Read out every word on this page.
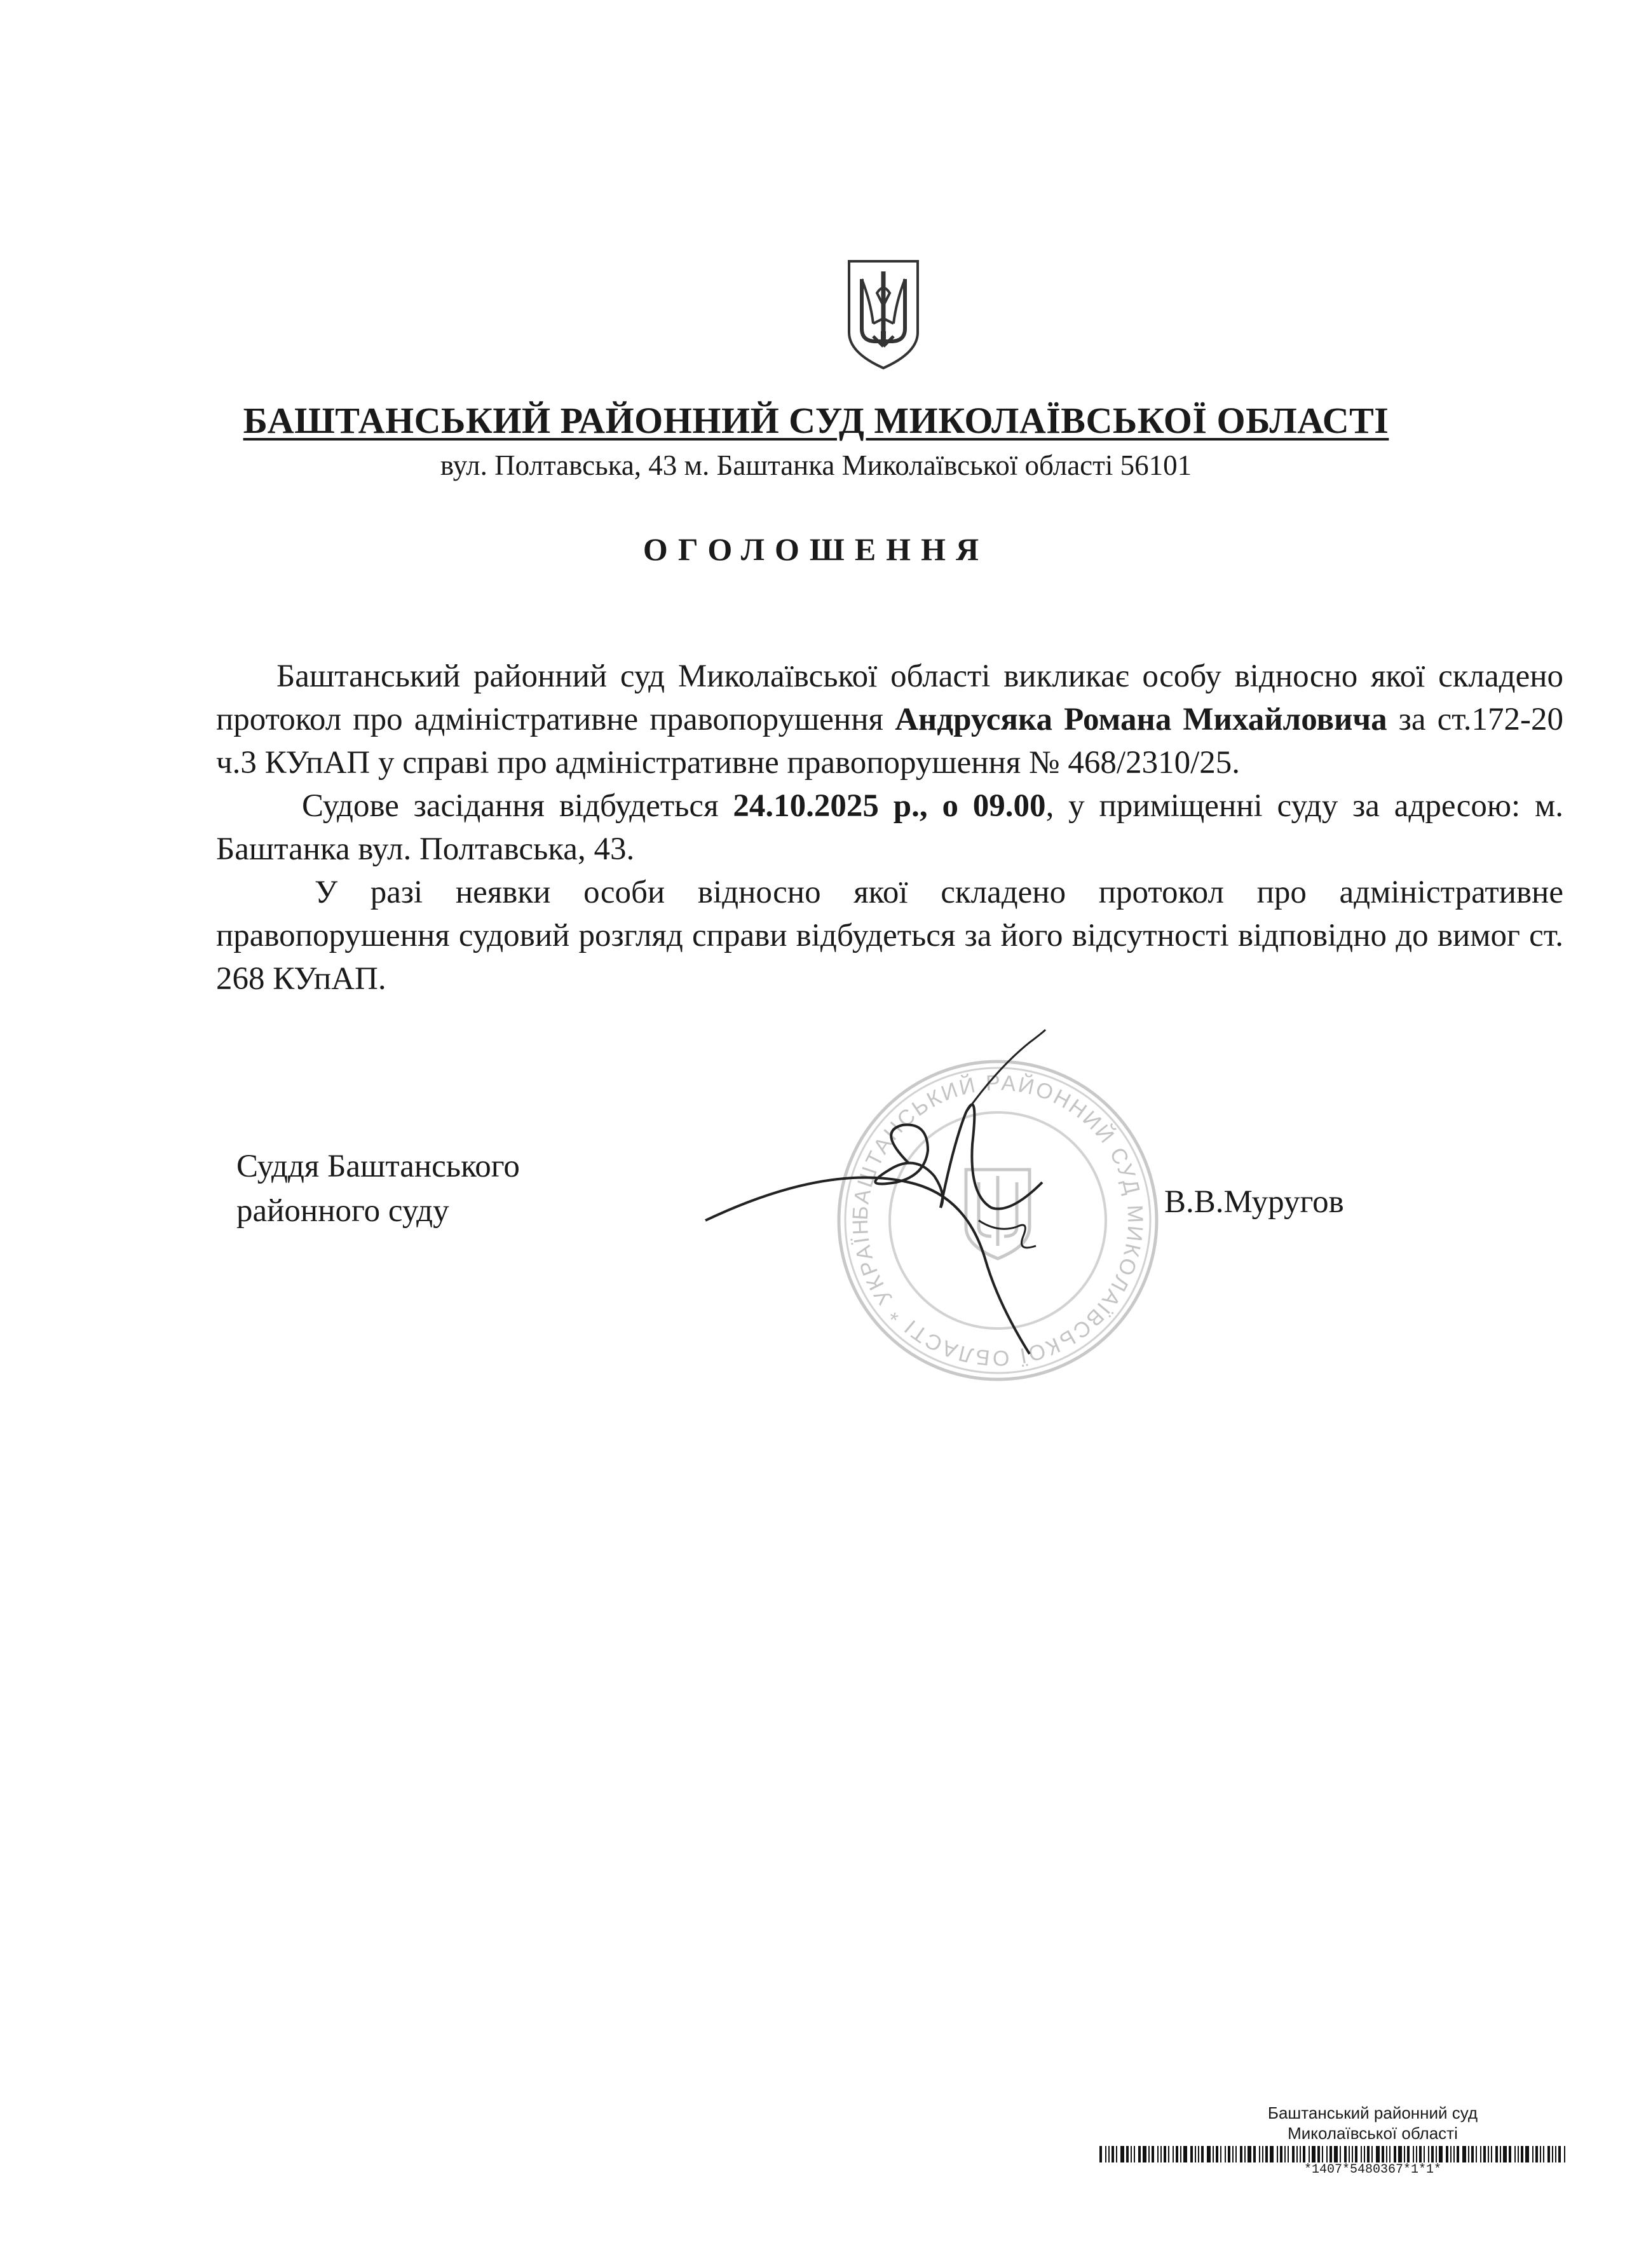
БАШТАНСЬКИЙ РАЙОННИЙ СУД МИКОЛАЇВСЬКОЇ ОБЛАСТІ
вул. Полтавська, 43 м. Баштанка Миколаївської області 56101
ОГОЛОШЕННЯ

Баштанський районний суд Миколаївської області викликає особу відносно якої складено протокол про адміністративне правопорушення Андрусяка Романа Михайловича за ст.172-20 ч.3 КУпАП у справі про адміністративне правопорушення № 468/2310/25.

Судове засідання відбудеться 24.10.2025 р., о 09.00, у приміщенні суду за адресою: м. Баштанка вул. Полтавська, 43.

У разі неявки особи відносно якої складено протокол про адміністративне правопорушення судовий розгляд справи відбудеться за його відсутності відповідно до вимог ст. 268 КУпАП.

БАШТАНСЬКИЙ РАЙОННИЙ СУД МИКОЛАЇВСЬКОЇ ОБЛАСТІ * УКРАЇН
Суддя Баштанського
районного суду	В.В.Муругов
Баштанський районний суд
Миколаївської області
*1407*5480367*1*1*
